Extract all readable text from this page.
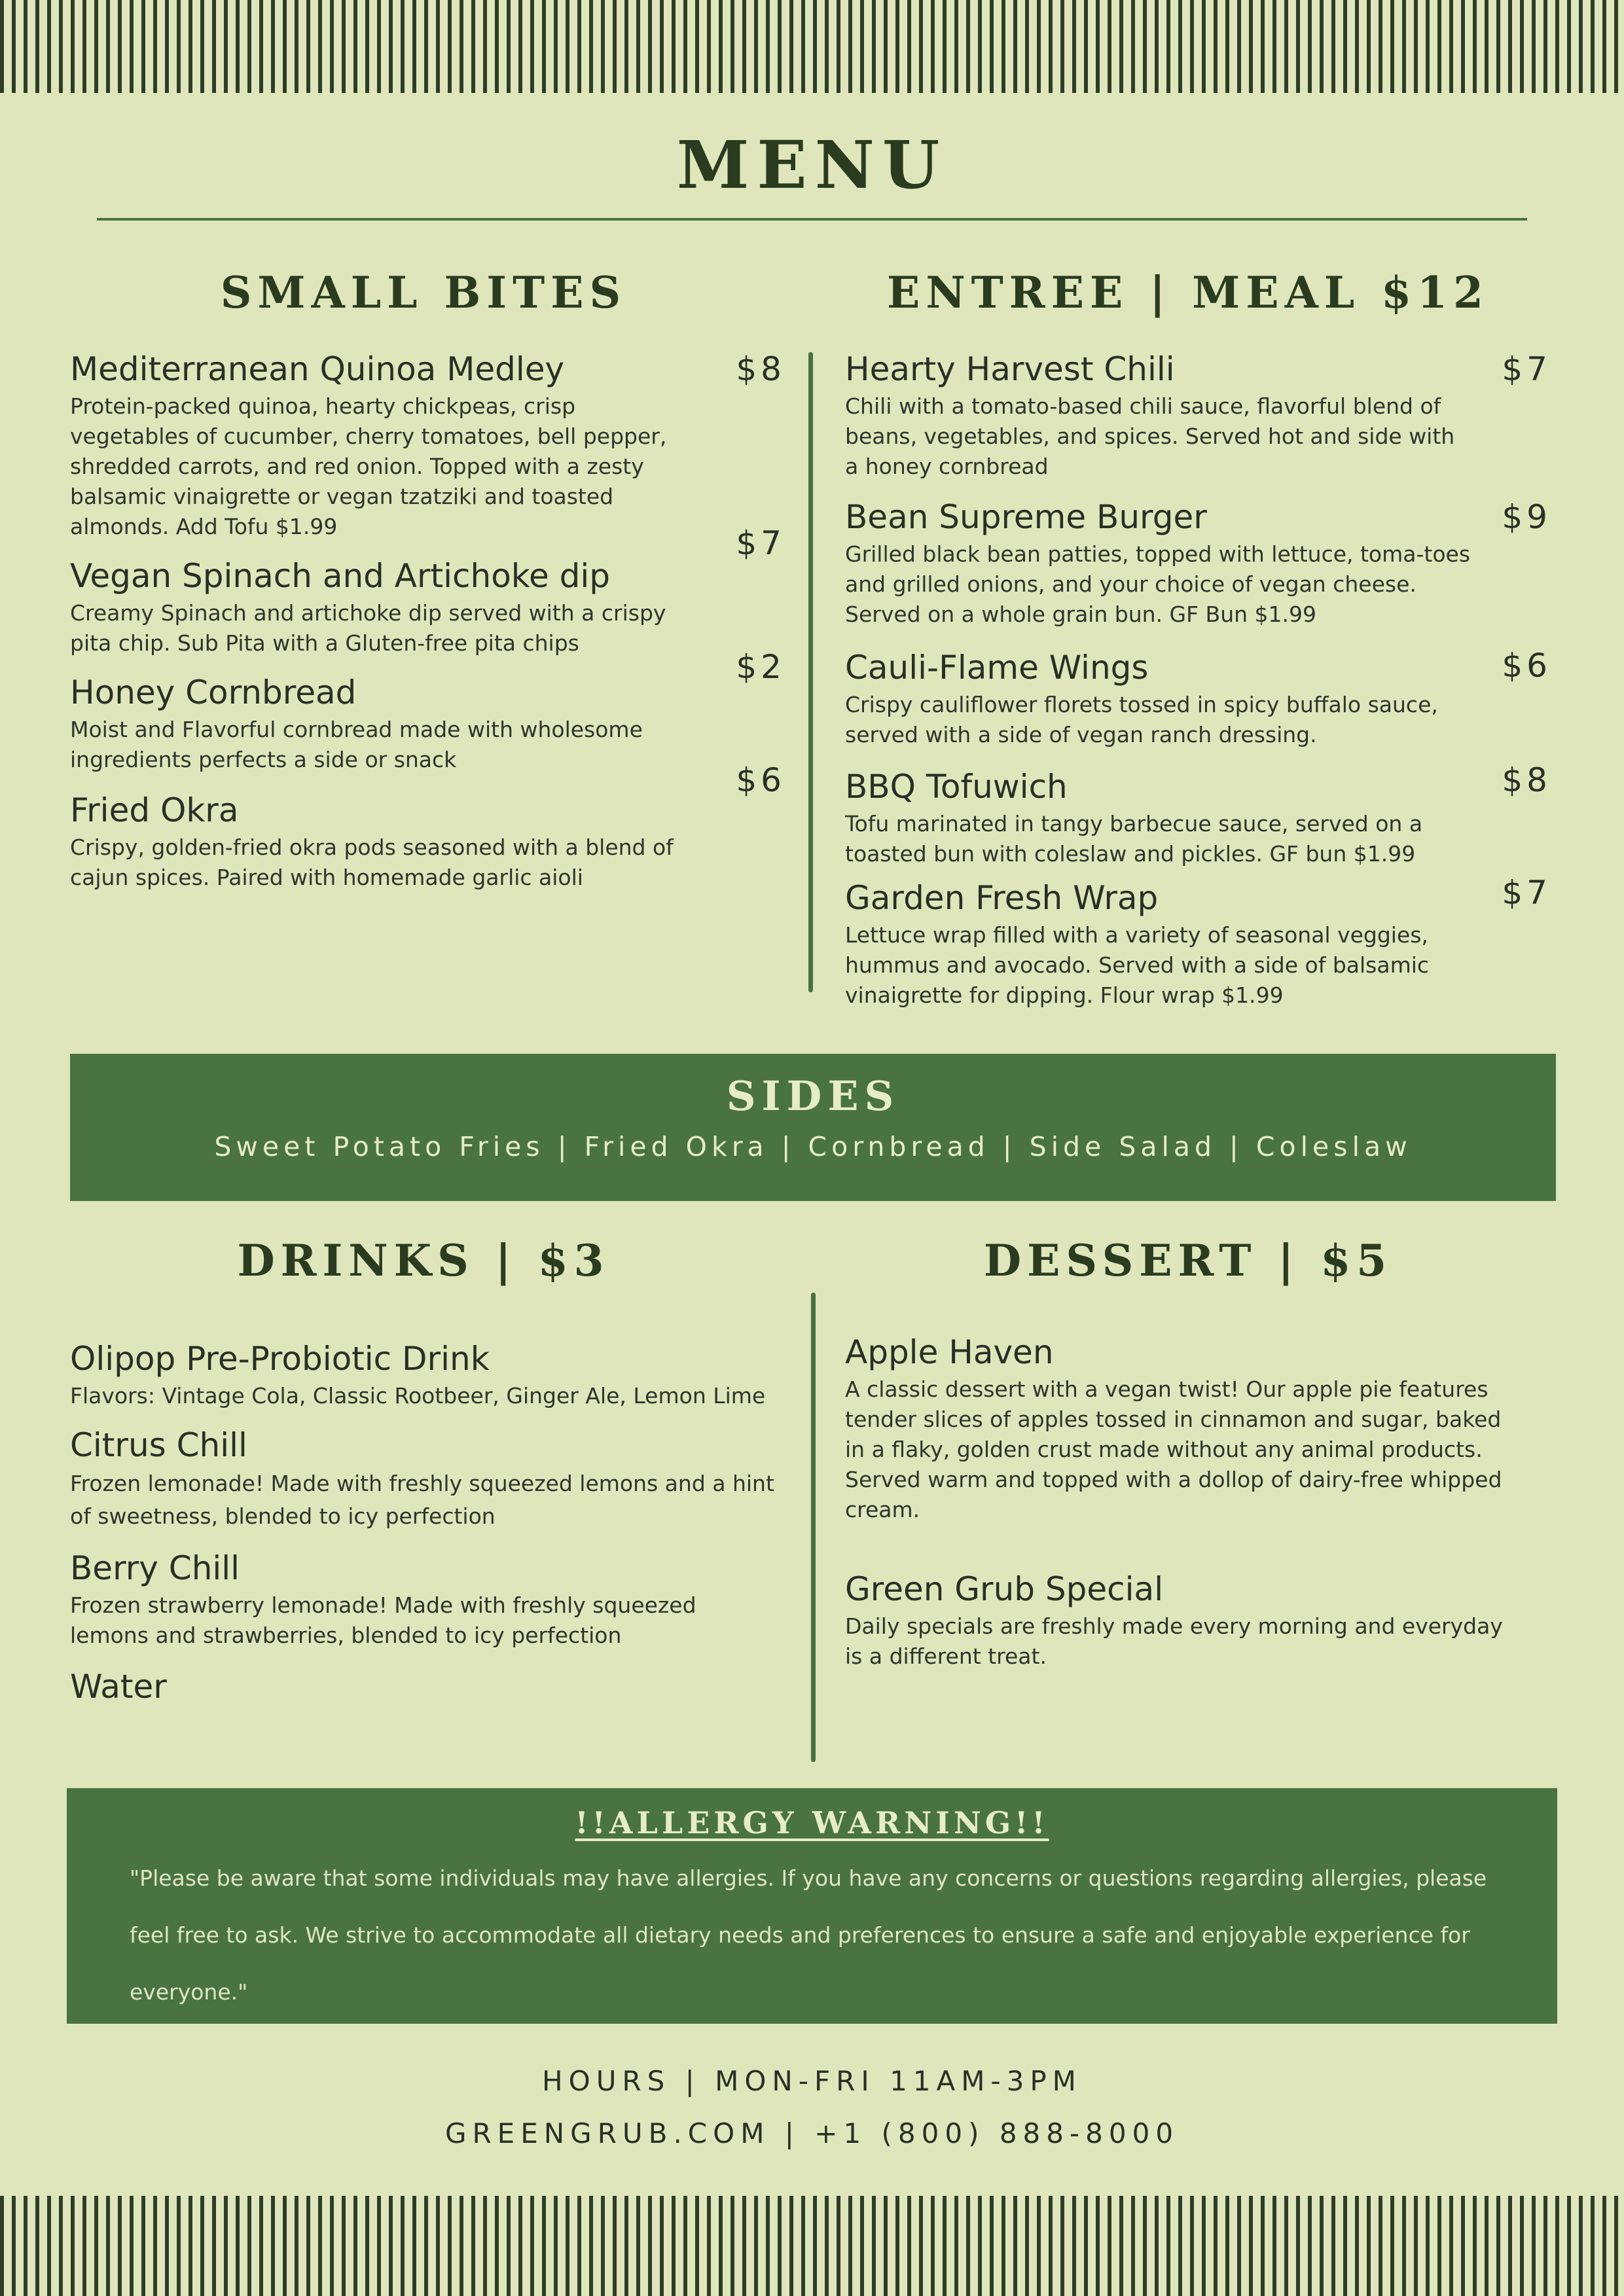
MENU
SMALL BITES
Mediterranean Quinoa Medley
Protein-packed quinoa, hearty chickpeas, crisp vegetables of cucumber, cherry tomatoes, bell pepper, shredded carrots, and red onion. Topped with a zesty balsamic vinaigrette or vegan tzatziki and toasted almonds. Add Tofu $1.99
$8
Vegan Spinach and Artichoke dip
Creamy Spinach and artichoke dip served with a crispy pita chip. Sub Pita with a Gluten-free pita chips
$7
Honey Cornbread
Moist and Flavorful cornbread made with wholesome ingredients perfects a side or snack
$2
Fried Okra
Crispy, golden-fried okra pods seasoned with a blend of cajun spices. Paired with homemade garlic aioli
$6
ENTREE | MEAL $12
Hearty Harvest Chili
Chili with a tomato-based chili sauce, flavorful blend of beans, vegetables, and spices. Served hot and side with a honey cornbread
$7
Bean Supreme Burger
Grilled black bean patties, topped with lettuce, toma-toes and grilled onions, and your choice of vegan cheese. Served on a whole grain bun. GF Bun $1.99
$9
Cauli-Flame Wings
Crispy cauliflower florets tossed in spicy buffalo sauce, served with a side of vegan ranch dressing.
$6
BBQ Tofuwich
Tofu marinated in tangy barbecue sauce, served on a toasted bun with coleslaw and pickles. GF bun $1.99
$8
Garden Fresh Wrap
Lettuce wrap filled with a variety of seasonal veggies, hummus and avocado. Served with a side of balsamic vinaigrette for dipping. Flour wrap $1.99
$7
SIDES
Sweet Potato Fries | Fried Okra | Cornbread | Side Salad | Coleslaw
DRINKS | $3
Olipop Pre-Probiotic Drink
Flavors: Vintage Cola, Classic Rootbeer, Ginger Ale, Lemon Lime
Citrus Chill
Frozen lemonade! Made with freshly squeezed lemons and a hint of sweetness, blended to icy perfection
Berry Chill
Frozen strawberry lemonade! Made with freshly squeezed lemons and strawberries, blended to icy perfection
Water
DESSERT | $5
Apple Haven
A classic dessert with a vegan twist! Our apple pie features tender slices of apples tossed in cinnamon and sugar, baked in a flaky, golden crust made without any animal products. Served warm and topped with a dollop of dairy-free whipped cream.
Green Grub Special
Daily specials are freshly made every morning and everyday is a different treat.
!!ALLERGY WARNING!!
"Please be aware that some individuals may have allergies. If you have any concerns or questions regarding allergies, please feel free to ask. We strive to accommodate all dietary needs and preferences to ensure a safe and enjoyable experience for everyone."
HOURS | MON-FRI 11AM-3PM
GREENGRUB.COM | +1 (800) 888-8000
